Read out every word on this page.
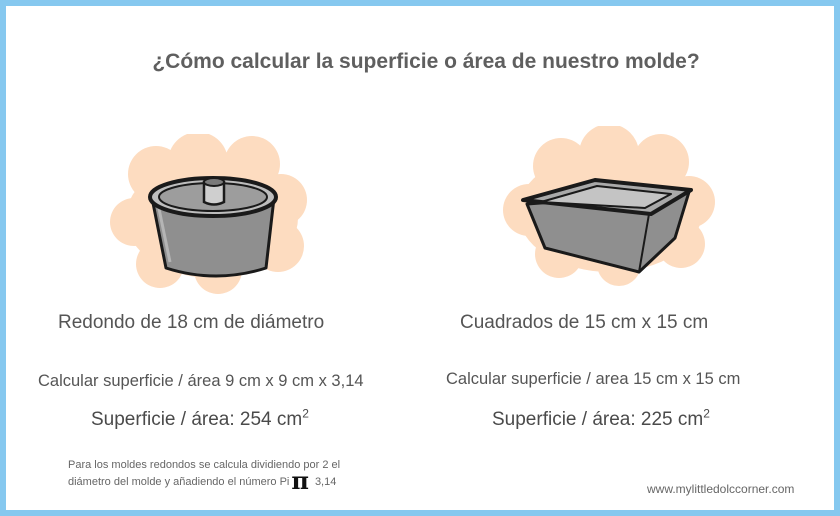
¿Cómo calcular la superficie o área de nuestro molde?
Redondo de 18 cm de diámetro	Cuadrados de 15 cm x 15 cm
Calcular superficie / área 9 cm x 9 cm x 3,14	Calcular superficie / area 15 cm x 15 cm
Superficie / área: 254 $cm^2$	Superficie / área: 225 $cm^2$
Para los moldes redondos se calcula dividiendo por 2 el
diámetro del molde y añadiendo el número Piπ 3,14	www.mylittledolccorner.com
